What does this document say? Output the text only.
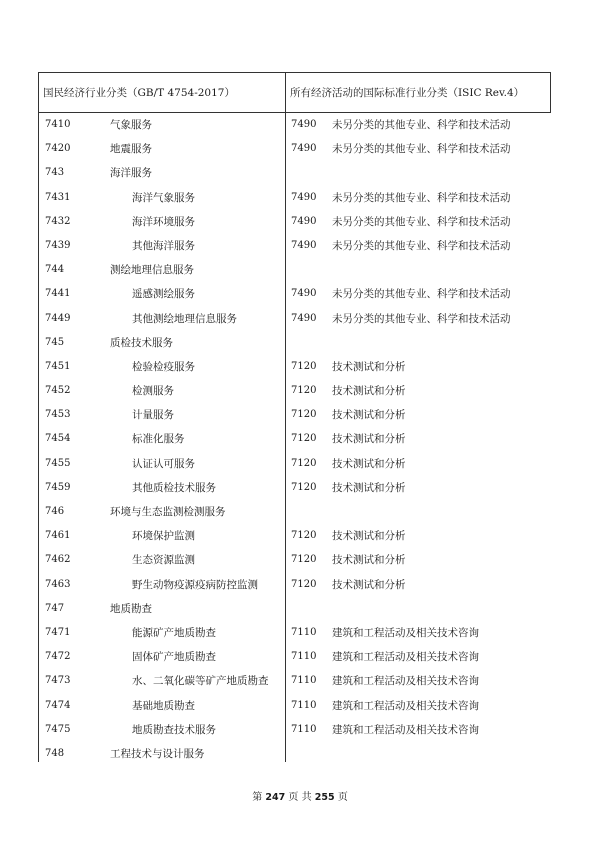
国民经济行业分类（GB/T 4754-2017）	所有经济活动的国际标准行业分类（ISIC Rev.4）
7410	气象服务	7490 未另分类的其他专业、科学和技术活动
7420	地震服务	7490 未另分类的其他专业、科学和技术活动
743	海洋服务
7431	海洋气象服务	7490 未另分类的其他专业、科学和技术活动
7432	海洋环境服务	7490 未另分类的其他专业、科学和技术活动
7439	其他海洋服务	7490 未另分类的其他专业、科学和技术活动
744	测绘地理信息服务
7441	遥感测绘服务	7490 未另分类的其他专业、科学和技术活动
7449	其他测绘地理信息服务	7490 未另分类的其他专业、科学和技术活动
745	质检技术服务
7451	检验检疫服务	7120 技术测试和分析
7452	检测服务	7120 技术测试和分析
7453	计量服务	7120 技术测试和分析
7454	标准化服务	7120 技术测试和分析
7455	认证认可服务	7120 技术测试和分析
7459	其他质检技术服务	7120 技术测试和分析
746	环境与生态监测检测服务
7461	环境保护监测	7120 技术测试和分析
7462	生态资源监测	7120 技术测试和分析
7463	野生动物疫源疫病防控监测	7120 技术测试和分析
747	地质勘查
7471	能源矿产地质勘查	7110 建筑和工程活动及相关技术咨询
7472	固体矿产地质勘查	7110 建筑和工程活动及相关技术咨询
7473	水、二氧化碳等矿产地质勘查 7110 建筑和工程活动及相关技术咨询
7474	基础地质勘查	7110 建筑和工程活动及相关技术咨询
7475	地质勘查技术服务	7110 建筑和工程活动及相关技术咨询
748	工程技术与设计服务
第 247 页 共 255 页
